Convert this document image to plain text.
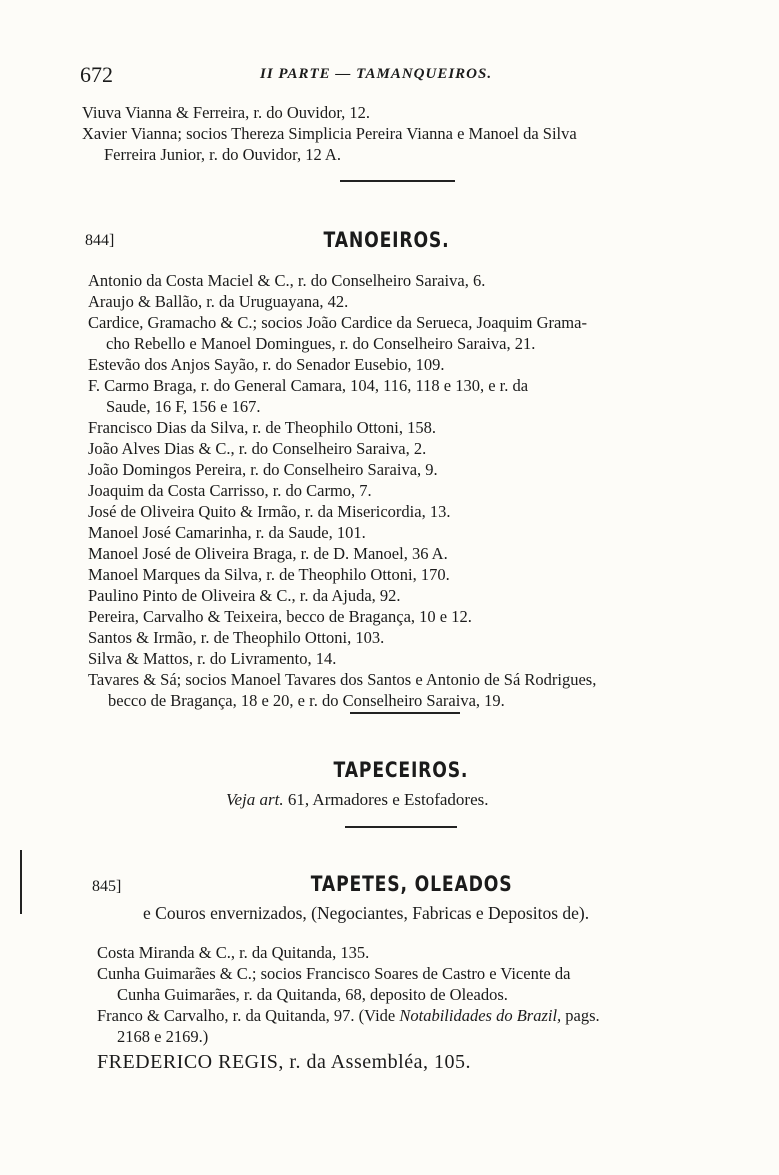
672	II PARTE — TAMANQUEIROS.
Viuva Vianna & Ferreira, r. do Ouvidor, 12.
Xavier Vianna; socios Thereza Simplicia Pereira Vianna e Manoel da Silva
Ferreira Junior, r. do Ouvidor, 12 A.
844]	TANOEIROS.
Antonio da Costa Maciel & C., r. do Conselheiro Saraiva, 6.
Araujo & Ballão, r. da Uruguayana, 42.
Cardice, Gramacho & C.; socios João Cardice da Serueca, Joaquim Grama-
cho Rebello e Manoel Domingues, r. do Conselheiro Saraiva, 21.
Estevão dos Anjos Sayão, r. do Senador Eusebio, 109.
F. Carmo Braga, r. do General Camara, 104, 116, 118 e 130, e r. da
Saude, 16 F, 156 e 167.
Francisco Dias da Silva, r. de Theophilo Ottoni, 158.
João Alves Dias & C., r. do Conselheiro Saraiva, 2.
João Domingos Pereira, r. do Conselheiro Saraiva, 9.
Joaquim da Costa Carrisso, r. do Carmo, 7.
José de Oliveira Quito & Irmão, r. da Misericordia, 13.
Manoel José Camarinha, r. da Saude, 101.
Manoel José de Oliveira Braga, r. de D. Manoel, 36 A.
Manoel Marques da Silva, r. de Theophilo Ottoni, 170.
Paulino Pinto de Oliveira & C., r. da Ajuda, 92.
Pereira, Carvalho & Teixeira, becco de Bragança, 10 e 12.
Santos & Irmão, r. de Theophilo Ottoni, 103.
Silva & Mattos, r. do Livramento, 14.
Tavares & Sá; socios Manoel Tavares dos Santos e Antonio de Sá Rodrigues,
becco de Bragança, 18 e 20, e r. do Conselheiro Saraiva, 19.
TAPECEIROS.
Veja art. 61, Armadores e Estofadores.
845]	TAPETES, OLEADOS
e Couros envernizados, (Negociantes, Fabricas e Depositos de).
Costa Miranda & C., r. da Quitanda, 135.
Cunha Guimarães & C.; socios Francisco Soares de Castro e Vicente da
Cunha Guimarães, r. da Quitanda, 68, deposito de Oleados.
Franco & Carvalho, r. da Quitanda, 97. (Vide Notabilidades do Brazil, pags.
2168 e 2169.)
FREDERICO REGIS, r. da Assembléa, 105.
